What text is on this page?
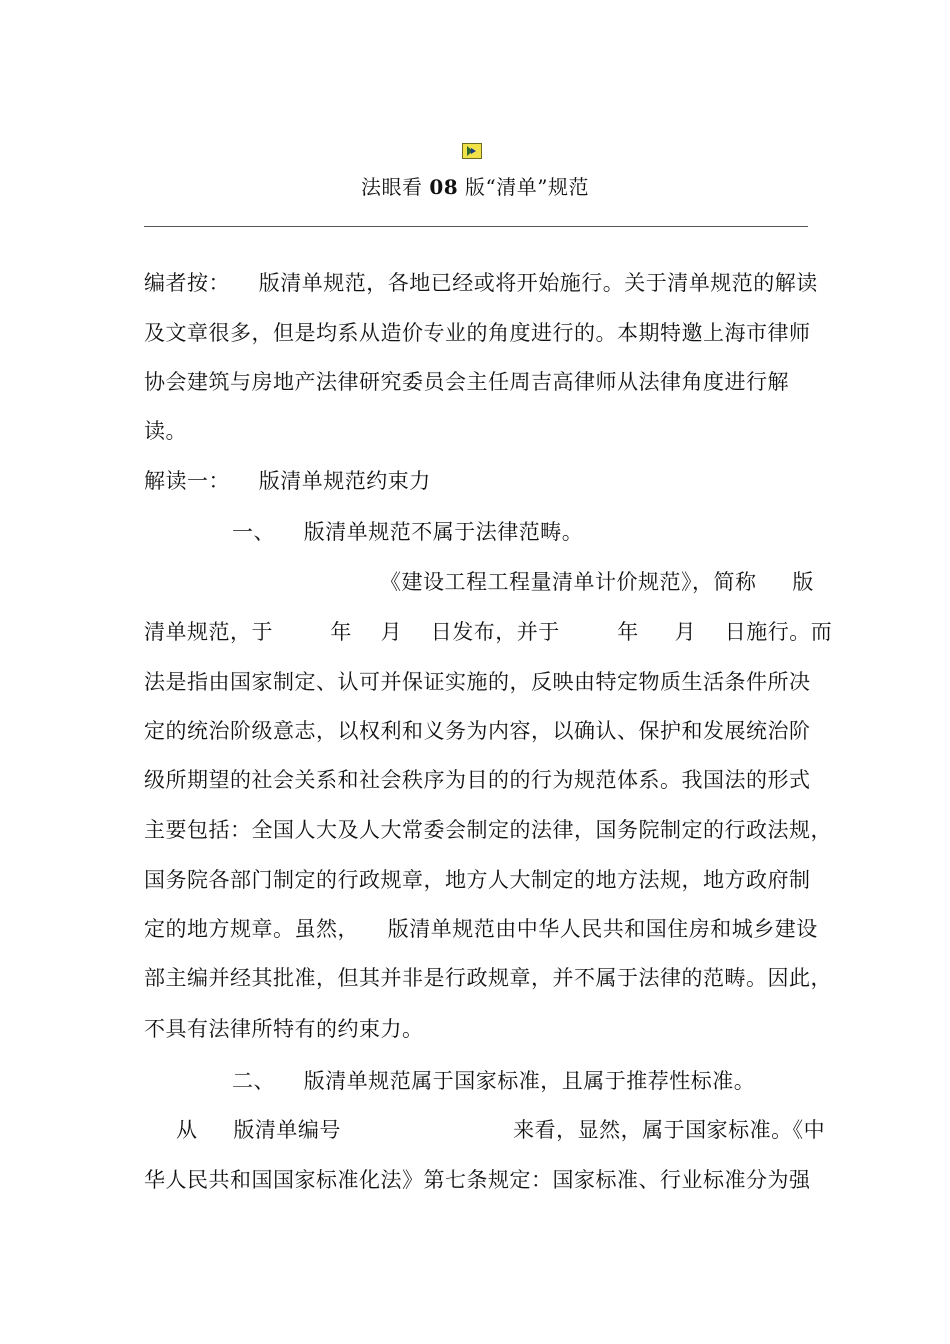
法眼看 08 版“清单”规范
编者按：    版清单规范，各地已经或将开始施行。关于清单规范的解读
及文章很多，但是均系从造价专业的角度进行的。本期特邀上海市律师
协会建筑与房地产法律研究委员会主任周吉高律师从法律角度进行解
读。
解读一：    版清单规范约束力
一、    版清单规范不属于法律范畴。
《建设工程工程量清单计价规范》，简称     版
清单规范，于        年    月    日发布，并于        年     月    日施行。而
法是指由国家制定、认可并保证实施的，反映由特定物质生活条件所决
定的统治阶级意志，以权利和义务为内容，以确认、保护和发展统治阶
级所期望的社会关系和社会秩序为目的的行为规范体系。我国法的形式
主要包括：全国人大及人大常委会制定的法律，国务院制定的行政法规，
国务院各部门制定的行政规章，地方人大制定的地方法规，地方政府制
定的地方规章。虽然，    版清单规范由中华人民共和国住房和城乡建设
部主编并经其批准，但其并非是行政规章，并不属于法律的范畴。因此，
不具有法律所特有的约束力。
二、    版清单规范属于国家标准，且属于推荐性标准。
从     版清单编号                        来看，显然，属于国家标准。《中
华人民共和国国家标准化法》第七条规定：国家标准、行业标准分为强
